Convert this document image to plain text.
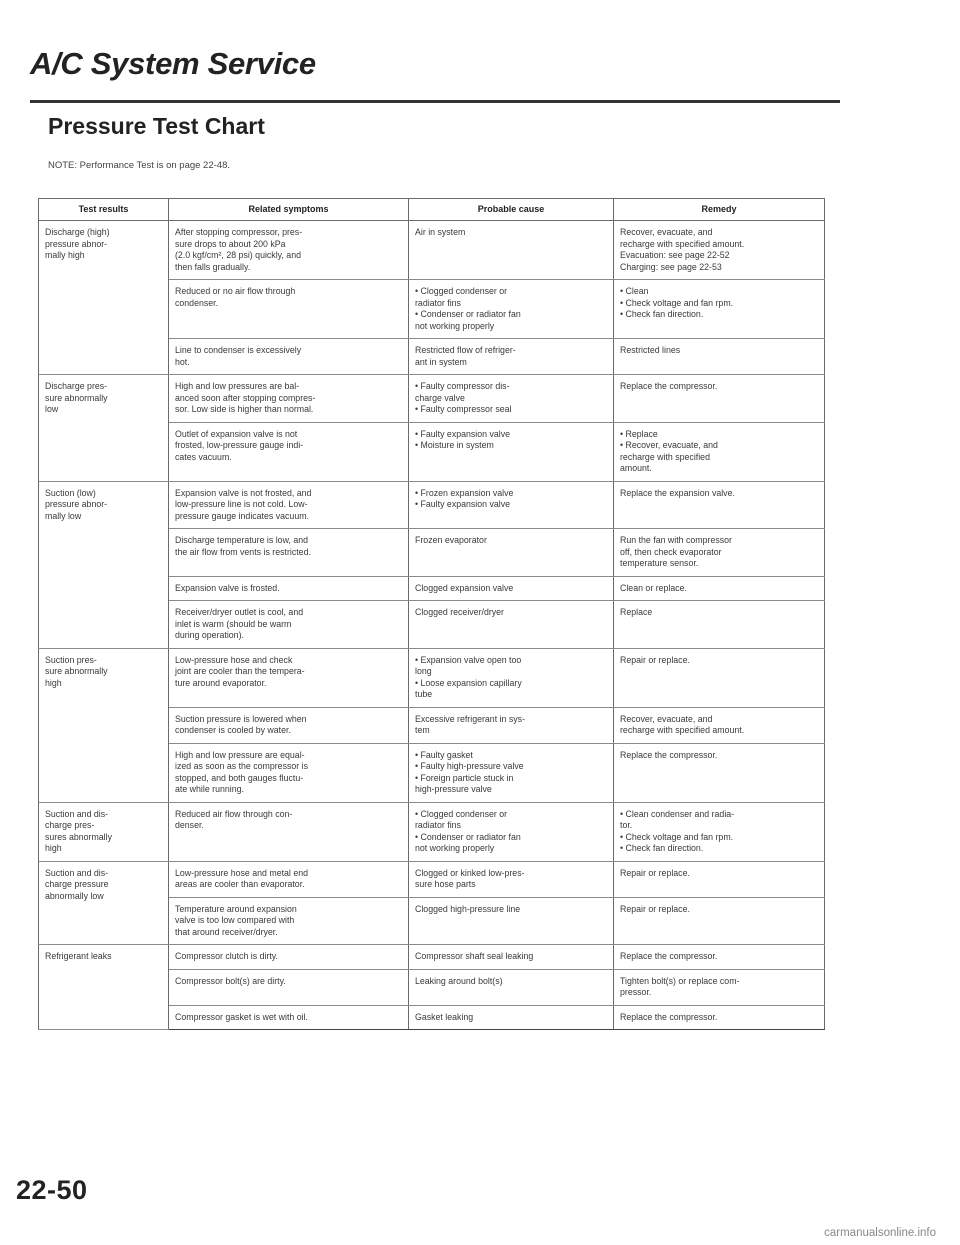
A/C System Service
Pressure Test Chart
NOTE: Performance Test is on page 22-48.
Test results	Related symptoms	Probable cause	Remedy

Discharge (high)
pressure abnor-
mally high	After stopping compressor, pres-
sure drops to about 200 kPa
(2.0 kgf/cm², 28 psi) quickly, and
then falls gradually.	Air in system	Recover, evacuate, and
recharge with specified amount.
Evacuation: see page 22-52
Charging: see page 22-53

	Reduced or no air flow through
condenser.	• Clogged condenser or
radiator fins
• Condenser or radiator fan
not working properly	• Clean
• Check voltage and fan rpm.
• Check fan direction.

	Line to condenser is excessively
hot.	Restricted flow of refriger-
ant in system	Restricted lines

Discharge pres-
sure abnormally
low	High and low pressures are bal-
anced soon after stopping compres-
sor. Low side is higher than normal.	• Faulty compressor dis-
charge valve
• Faulty compressor seal	Replace the compressor.

	Outlet of expansion valve is not
frosted, low-pressure gauge indi-
cates vacuum.	• Faulty expansion valve
• Moisture in system	• Replace
• Recover, evacuate, and
recharge with specified
amount.

Suction (low)
pressure abnor-
mally low	Expansion valve is not frosted, and
low-pressure line is not cold. Low-
pressure gauge indicates vacuum.	• Frozen expansion valve
• Faulty expansion valve	Replace the expansion valve.

	Discharge temperature is low, and
the air flow from vents is restricted.	Frozen evaporator	Run the fan with compressor
off, then check evaporator
temperature sensor.

	Expansion valve is frosted.	Clogged expansion valve	Clean or replace.

	Receiver/dryer outlet is cool, and
inlet is warm (should be warm
during operation).	Clogged receiver/dryer	Replace

Suction pres-
sure abnormally
high	Low-pressure hose and check
joint are cooler than the tempera-
ture around evaporator.	• Expansion valve open too
long
• Loose expansion capillary
tube	Repair or replace.

	Suction pressure is lowered when
condenser is cooled by water.	Excessive refrigerant in sys-
tem	Recover, evacuate, and
recharge with specified amount.

	High and low pressure are equal-
ized as soon as the compressor is
stopped, and both gauges fluctu-
ate while running.	• Faulty gasket
• Faulty high-pressure valve
• Foreign particle stuck in
high-pressure valve	Replace the compressor.

Suction and dis-
charge pres-
sures abnormally
high	Reduced air flow through con-
denser.	• Clogged condenser or
radiator fins
• Condenser or radiator fan
not working properly	• Clean condenser and radia-
tor.
• Check voltage and fan rpm.
• Check fan direction.

Suction and dis-
charge pressure
abnormally low	Low-pressure hose and metal end
areas are cooler than evaporator.	Clogged or kinked low-pres-
sure hose parts	Repair or replace.

	Temperature around expansion
valve is too low compared with
that around receiver/dryer.	Clogged high-pressure line	Repair or replace.

Refrigerant leaks	Compressor clutch is dirty.	Compressor shaft seal leaking	Replace the compressor.

	Compressor bolt(s) are dirty.	Leaking around bolt(s)	Tighten bolt(s) or replace com-
pressor.

	Compressor gasket is wet with oil.	Gasket leaking	Replace the compressor.
22-50
carmanualsonline.info
